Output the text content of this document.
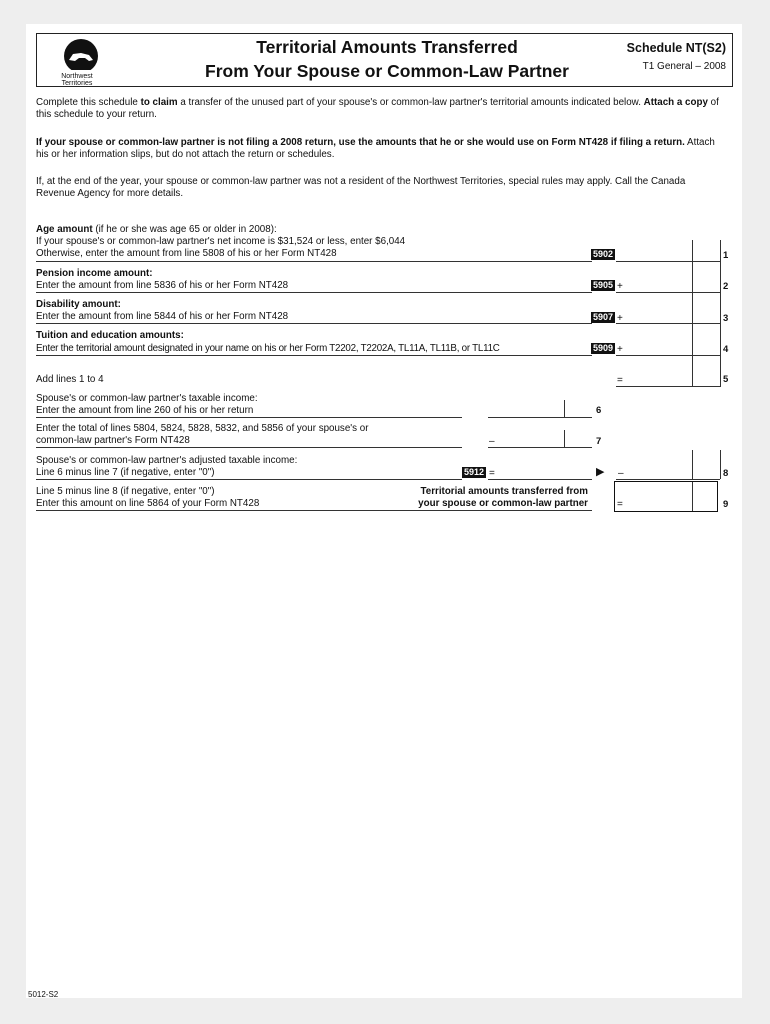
Northwest
Territories
Territorial Amounts Transferred
From Your Spouse or Common-Law Partner
Schedule NT(S2)
T1 General – 2008
Complete this schedule to claim a transfer of the unused part of your spouse's or common-law partner's territorial amounts indicated below. Attach a copy of this schedule to your return.
If your spouse or common-law partner is not filing a 2008 return, use the amounts that he or she would use on Form NT428 if filing a return. Attach his or her information slips, but do not attach the return or schedules.
If, at the end of the year, your spouse or common-law partner was not a resident of the Northwest Territories, special rules may apply. Call the Canada Revenue Agency for more details.
Age amount (if he or she was age 65 or older in 2008):
If your spouse's or common-law partner's net income is $31,524 or less, enter $6,044
Otherwise, enter the amount from line 5808 of his or her Form NT428	5902	1
Pension income amount:
Enter the amount from line 5836 of his or her Form NT428	5905 +	2
Disability amount:
Enter the amount from line 5844 of his or her Form NT428	5907 +	3
Tuition and education amounts:
Enter the territorial amount designated in your name on his or her Form T2202, T2202A, TL11A, TL11B, or TL11C	5909 +	4
Add lines 1 to 4	=	5
Spouse's or common-law partner's taxable income:
Enter the amount from line 260 of his or her return	6
Enter the total of lines 5804, 5824, 5828, 5832, and 5856 of your spouse's or
common-law partner's Form NT428	–	7
Spouse's or common-law partner's adjusted taxable income:
Line 6 minus line 7 (if negative, enter "0")	5912 =	▶ –	8
Line 5 minus line 8 (if negative, enter "0")
Enter this amount on line 5864 of your Form NT428
Territorial amounts transferred from
your spouse or common-law partner	=	9
5012-S2
